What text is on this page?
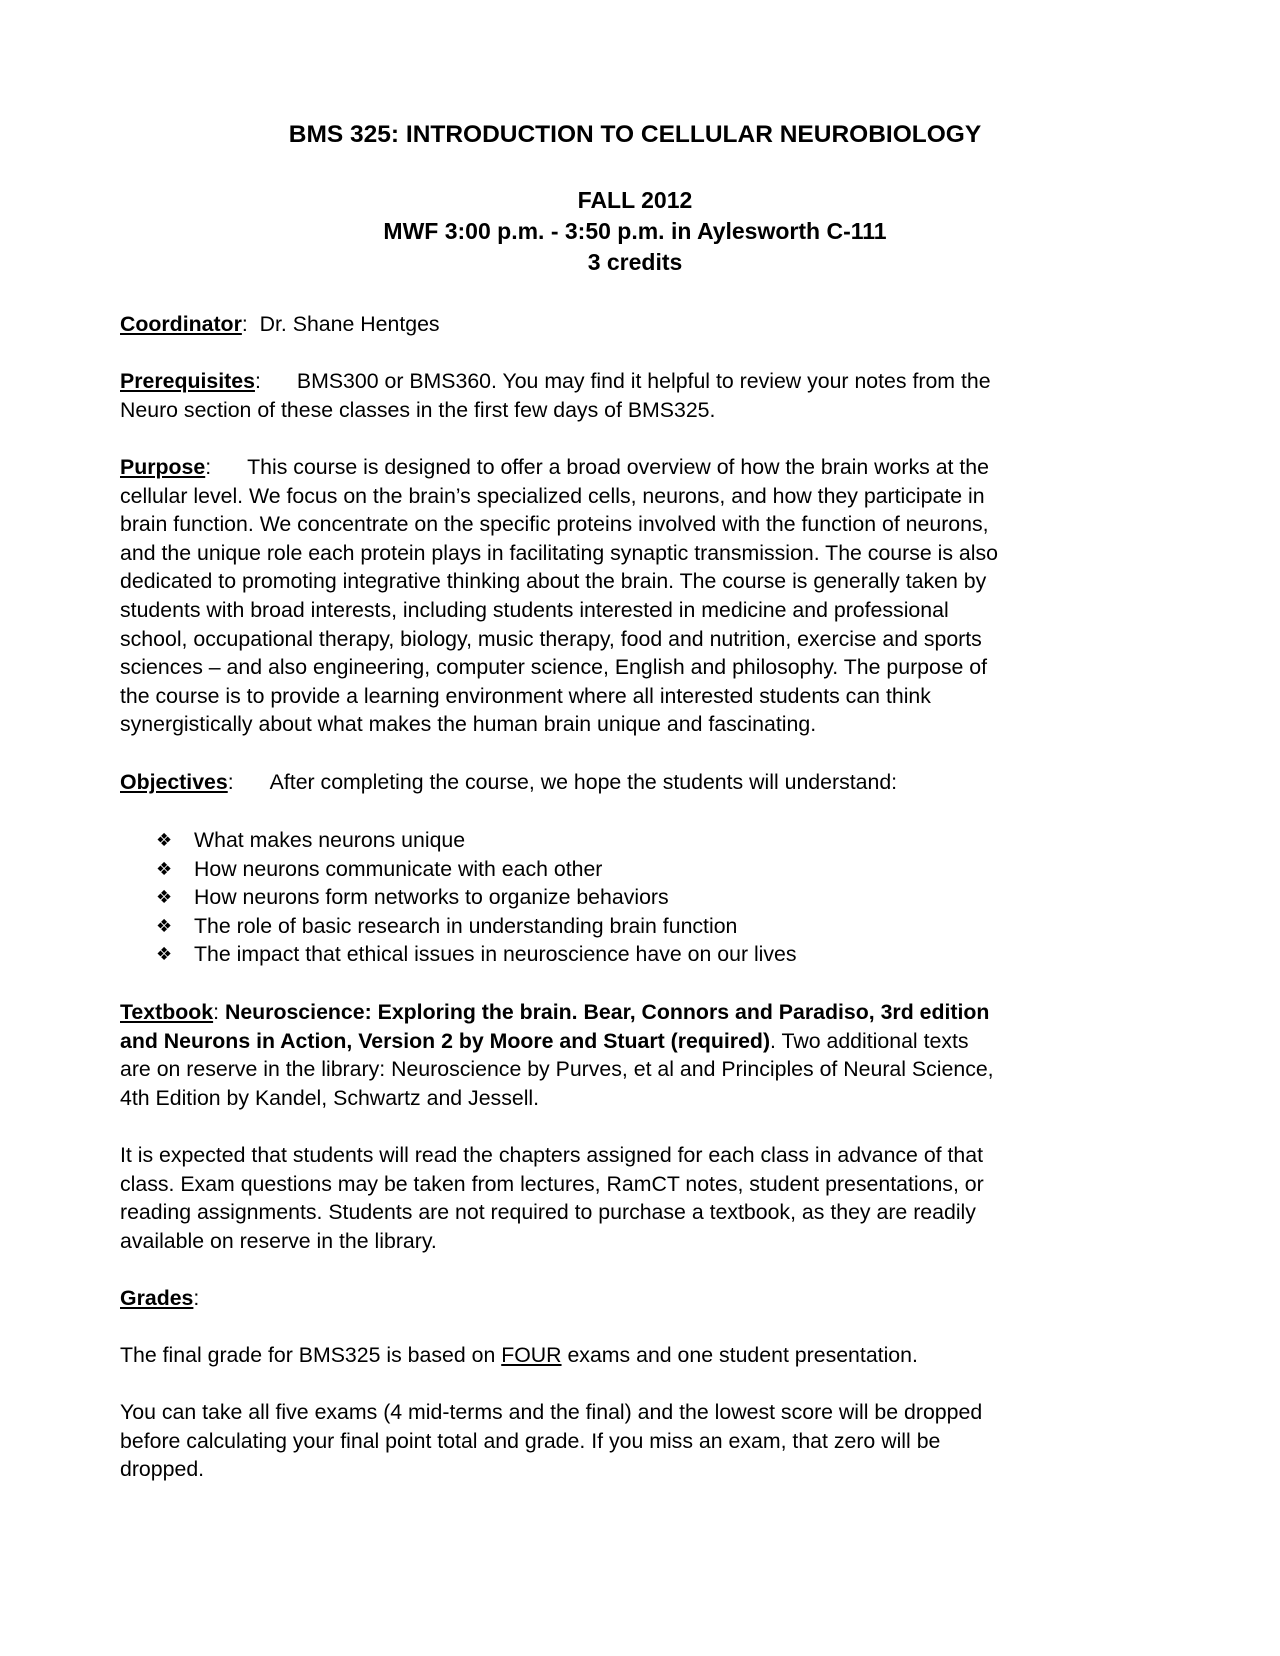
BMS 325: INTRODUCTION TO CELLULAR NEUROBIOLOGY
FALL 2012
MWF 3:00 p.m. - 3:50 p.m. in Aylesworth C-111
3 credits
Coordinator:  Dr. Shane Hentges
Prerequisites: BMS300 or BMS360. You may find it helpful to review your notes from the
Neuro section of these classes in the first few days of BMS325.
Purpose: This course is designed to offer a broad overview of how the brain works at the
cellular level. We focus on the brain’s specialized cells, neurons, and how they participate in
brain function. We concentrate on the specific proteins involved with the function of neurons,
and the unique role each protein plays in facilitating synaptic transmission. The course is also
dedicated to promoting integrative thinking about the brain. The course is generally taken by
students with broad interests, including students interested in medicine and professional
school, occupational therapy, biology, music therapy, food and nutrition, exercise and sports
sciences – and also engineering, computer science, English and philosophy. The purpose of
the course is to provide a learning environment where all interested students can think
synergistically about what makes the human brain unique and fascinating.
Objectives: After completing the course, we hope the students will understand:
❖	What makes neurons unique
❖	How neurons communicate with each other
❖	How neurons form networks to organize behaviors
❖	The role of basic research in understanding brain function
❖	The impact that ethical issues in neuroscience have on our lives
Textbook: Neuroscience: Exploring the brain. Bear, Connors and Paradiso, 3rd edition
and Neurons in Action, Version 2 by Moore and Stuart (required). Two additional texts
are on reserve in the library: Neuroscience by Purves, et al and Principles of Neural Science,
4th Edition by Kandel, Schwartz and Jessell.
It is expected that students will read the chapters assigned for each class in advance of that
class. Exam questions may be taken from lectures, RamCT notes, student presentations, or
reading assignments. Students are not required to purchase a textbook, as they are readily
available on reserve in the library.
Grades:
The final grade for BMS325 is based on FOUR exams and one student presentation.
You can take all five exams (4 mid-terms and the final) and the lowest score will be dropped
before calculating your final point total and grade. If you miss an exam, that zero will be
dropped.
